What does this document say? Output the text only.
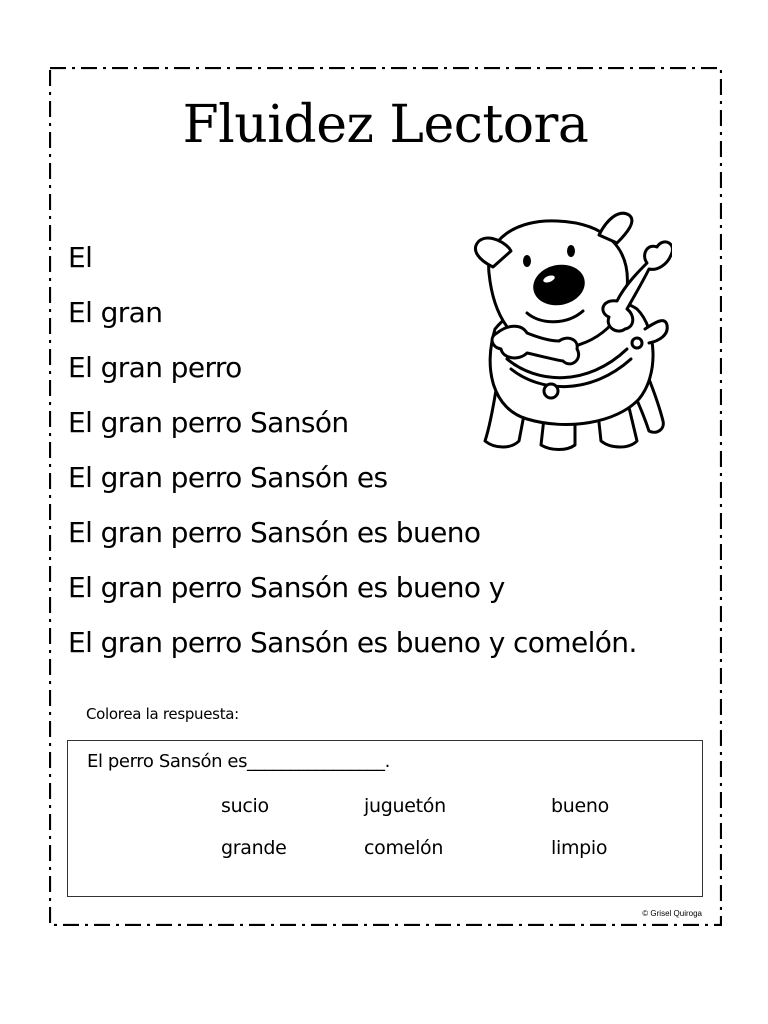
Fluidez Lectora
El
El gran
El gran perro
El gran perro Sansón
El gran perro Sansón es
El gran perro Sansón es bueno
El gran perro Sansón es bueno y
El gran perro Sansón es bueno y comelón.
Colorea la respuesta:
El perro Sansón es________________.
sucio	juguetón	bueno
grande	comelón	limpio
© Grisel Quiroga
